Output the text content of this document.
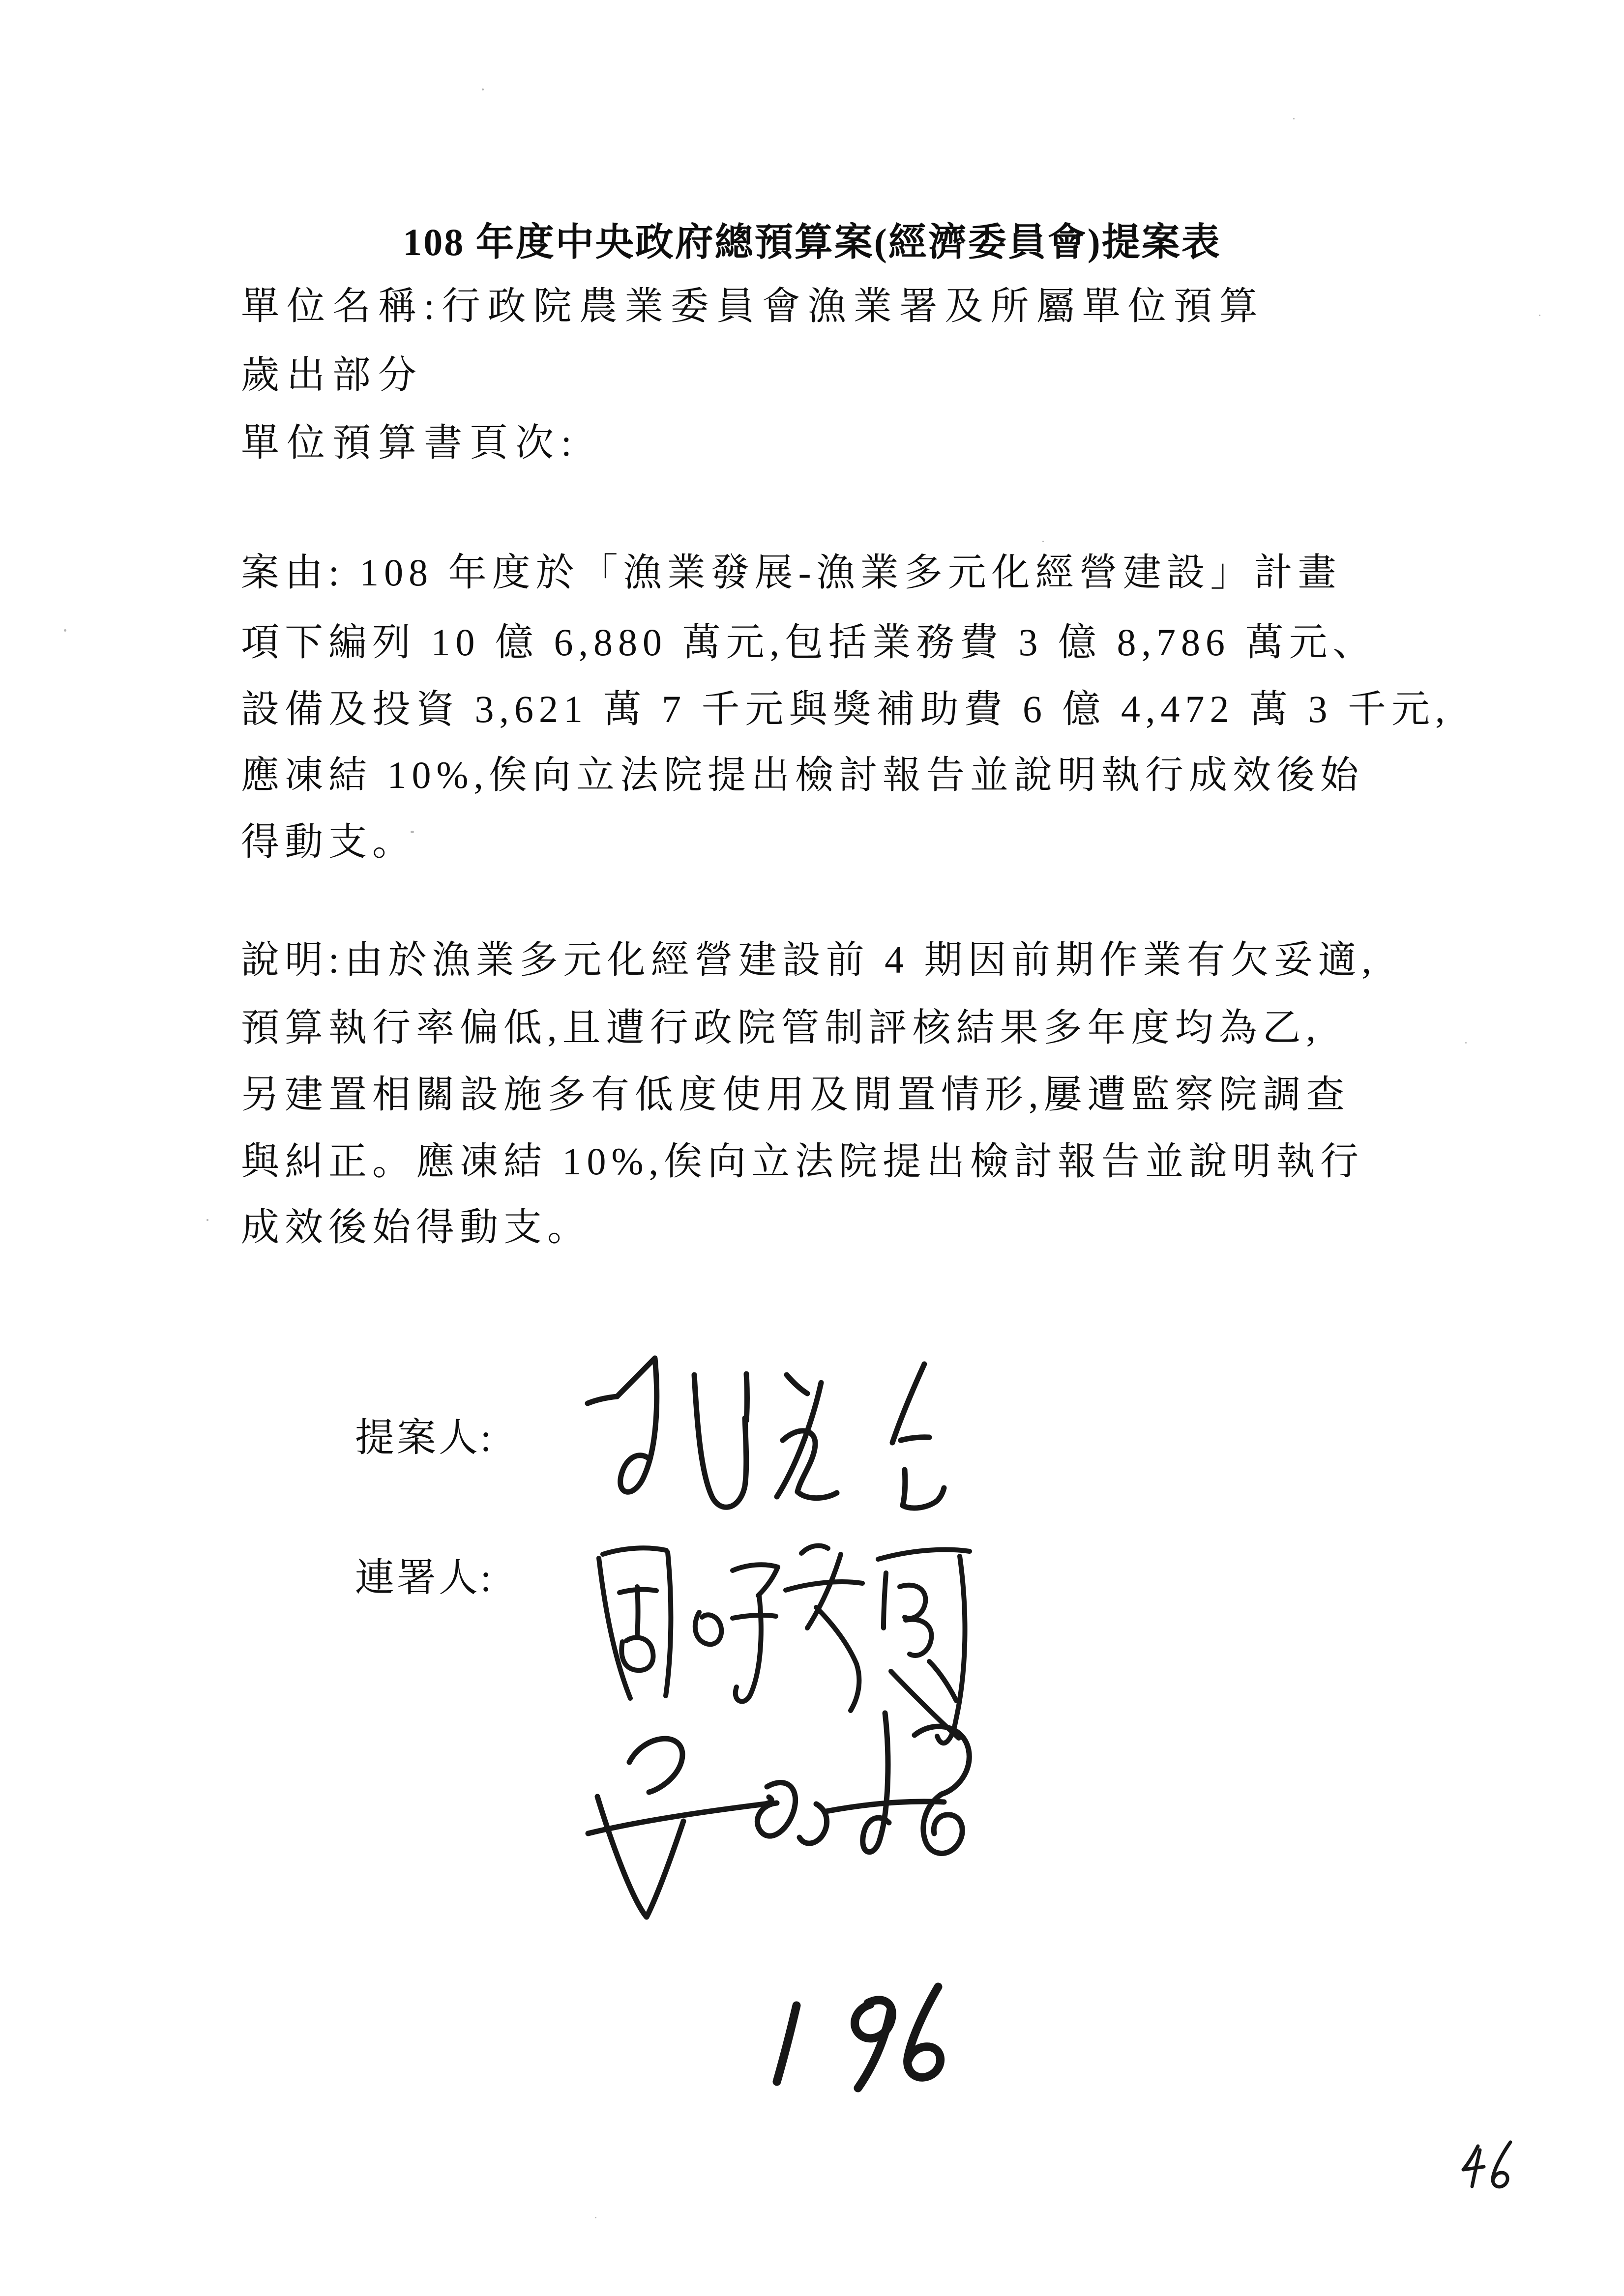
108 年度中央政府總預算案(經濟委員會)提案表
單位名稱:行政院農業委員會漁業署及所屬單位預算
歲出部分
單位預算書頁次:
案由: 108 年度於「漁業發展-漁業多元化經營建設」計畫
項下編列 10 億 6,880 萬元,包括業務費 3 億 8,786 萬元、
設備及投資 3,621 萬 7 千元與獎補助費 6 億 4,472 萬 3 千元,
應凍結 10%,俟向立法院提出檢討報告並說明執行成效後始
得動支。
說明:由於漁業多元化經營建設前 4 期因前期作業有欠妥適,
預算執行率偏低,且遭行政院管制評核結果多年度均為乙,
另建置相關設施多有低度使用及閒置情形,屢遭監察院調查
與糾正。應凍結 10%,俟向立法院提出檢討報告並說明執行
成效後始得動支。
提案人:
連署人:
